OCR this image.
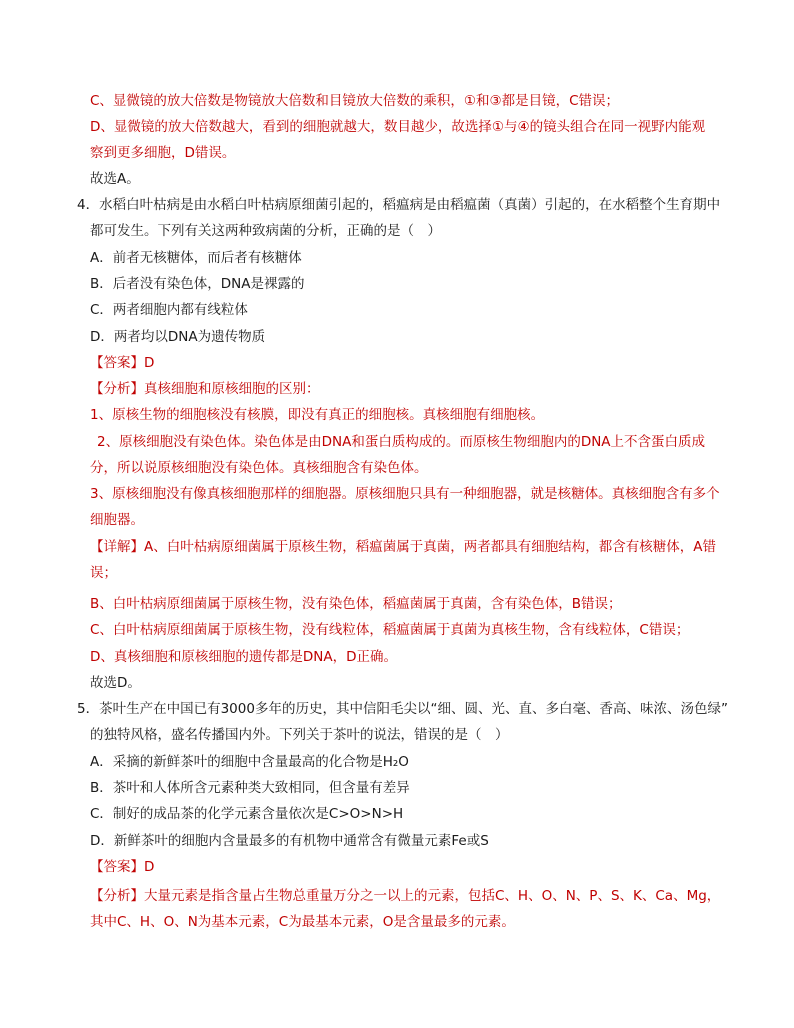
C、显微镜的放大倍数是物镜放大倍数和目镜放大倍数的乘积，①和③都是目镜，C错误；
D、显微镜的放大倍数越大，看到的细胞就越大，数目越少，故选择①与④的镜头组合在同一视野内能观
察到更多细胞，D错误。
故选A。
4．水稻白叶枯病是由水稻白叶枯病原细菌引起的，稻瘟病是由稻瘟菌（真菌）引起的，在水稻整个生育期中
都可发生。下列有关这两种致病菌的分析，正确的是（　）
A．前者无核糖体，而后者有核糖体
B．后者没有染色体，DNA是裸露的
C．两者细胞内都有线粒体
D．两者均以DNA为遗传物质
【答案】D
【分析】真核细胞和原核细胞的区别：
1、原核生物的细胞核没有核膜，即没有真正的细胞核。真核细胞有细胞核。
2、原核细胞没有染色体。染色体是由DNA和蛋白质构成的。而原核生物细胞内的DNA上不含蛋白质成
分，所以说原核细胞没有染色体。真核细胞含有染色体。
3、原核细胞没有像真核细胞那样的细胞器。原核细胞只具有一种细胞器，就是核糖体。真核细胞含有多个
细胞器。
【详解】A、白叶枯病原细菌属于原核生物，稻瘟菌属于真菌，两者都具有细胞结构，都含有核糖体，A错
误；
B、白叶枯病原细菌属于原核生物，没有染色体，稻瘟菌属于真菌，含有染色体，B错误；
C、白叶枯病原细菌属于原核生物，没有线粒体，稻瘟菌属于真菌为真核生物，含有线粒体，C错误；
D、真核细胞和原核细胞的遗传都是DNA，D正确。
故选D。
5．茶叶生产在中国已有3000多年的历史，其中信阳毛尖以“细、圆、光、直、多白毫、香高、味浓、汤色绿”
的独特风格，盛名传播国内外。下列关于茶叶的说法，错误的是（　）
A．采摘的新鲜茶叶的细胞中含量最高的化合物是H₂O
B．茶叶和人体所含元素种类大致相同，但含量有差异
C．制好的成品茶的化学元素含量依次是C>O>N>H
D．新鲜茶叶的细胞内含量最多的有机物中通常含有微量元素Fe或S
【答案】D
【分析】大量元素是指含量占生物总重量万分之一以上的元素，包括C、H、O、N、P、S、K、Ca、Mg，
其中C、H、O、N为基本元素，C为最基本元素，O是含量最多的元素。
